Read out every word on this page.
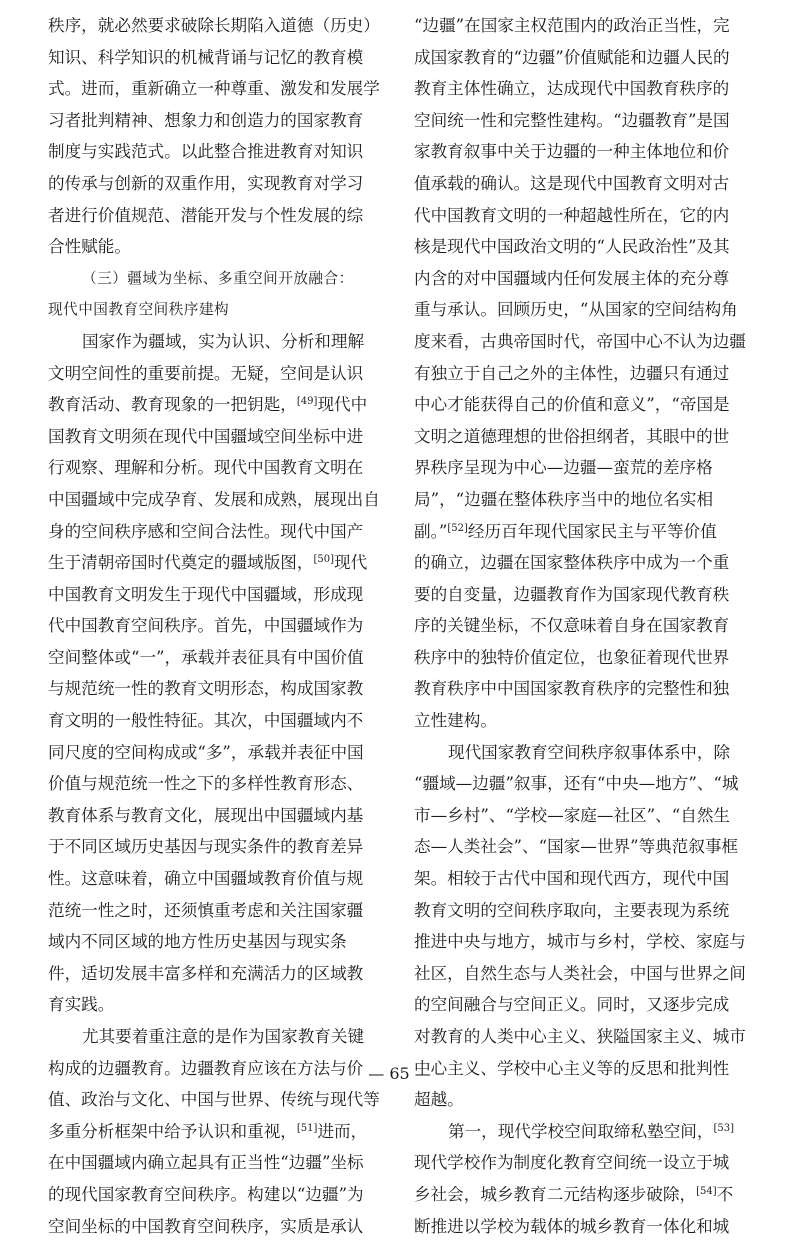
秩序，就必然要求破除长期陷入道德（历史）
知识、科学知识的机械背诵与记忆的教育模
式。进而，重新确立一种尊重、激发和发展学
习者批判精神、想象力和创造力的国家教育
制度与实践范式。以此整合推进教育对知识
的传承与创新的双重作用，实现教育对学习
者进行价值规范、潜能开发与个性发展的综
合性赋能。
（三）疆域为坐标、多重空间开放融合：
现代中国教育空间秩序建构
国家作为疆域，实为认识、分析和理解
文明空间性的重要前提。无疑，空间是认识
教育活动、教育现象的一把钥匙，[49]现代中
国教育文明须在现代中国疆域空间坐标中进
行观察、理解和分析。现代中国教育文明在
中国疆域中完成孕育、发展和成熟，展现出自
身的空间秩序感和空间合法性。现代中国产
生于清朝帝国时代奠定的疆域版图，[50]现代
中国教育文明发生于现代中国疆域，形成现
代中国教育空间秩序。首先，中国疆域作为
空间整体或“一”，承载并表征具有中国价值
与规范统一性的教育文明形态，构成国家教
育文明的一般性特征。其次，中国疆域内不
同尺度的空间构成或“多”，承载并表征中国
价值与规范统一性之下的多样性教育形态、
教育体系与教育文化，展现出中国疆域内基
于不同区域历史基因与现实条件的教育差异
性。这意味着，确立中国疆域教育价值与规
范统一性之时，还须慎重考虑和关注国家疆
域内不同区域的地方性历史基因与现实条
件，适切发展丰富多样和充满活力的区域教
育实践。
尤其要着重注意的是作为国家教育关键
构成的边疆教育。边疆教育应该在方法与价
值、政治与文化、中国与世界、传统与现代等
多重分析框架中给予认识和重视，[51]进而，
在中国疆域内确立起具有正当性“边疆”坐标
的现代国家教育空间秩序。构建以“边疆”为
空间坐标的中国教育空间秩序，实质是承认
“边疆”在国家主权范围内的政治正当性，完
成国家教育的“边疆”价值赋能和边疆人民的
教育主体性确立，达成现代中国教育秩序的
空间统一性和完整性建构。“边疆教育”是国
家教育叙事中关于边疆的一种主体地位和价
值承载的确认。这是现代中国教育文明对古
代中国教育文明的一种超越性所在，它的内
核是现代中国政治文明的“人民政治性”及其
内含的对中国疆域内任何发展主体的充分尊
重与承认。回顾历史，“从国家的空间结构角
度来看，古典帝国时代，帝国中心不认为边疆
有独立于自己之外的主体性，边疆只有通过
中心才能获得自己的价值和意义”，“帝国是
文明之道德理想的世俗担纲者，其眼中的世
界秩序呈现为中心—边疆—蛮荒的差序格
局”，“边疆在整体秩序当中的地位名实相
副。”[52]经历百年现代国家民主与平等价值
的确立，边疆在国家整体秩序中成为一个重
要的自变量，边疆教育作为国家现代教育秩
序的关键坐标，不仅意味着自身在国家教育
秩序中的独特价值定位，也象征着现代世界
教育秩序中中国国家教育秩序的完整性和独
立性建构。
现代国家教育空间秩序叙事体系中，除
“疆域—边疆”叙事，还有“中央—地方”、“城
市—乡村”、“学校—家庭—社区”、“自然生
态—人类社会”、“国家—世界”等典范叙事框
架。相较于古代中国和现代西方，现代中国
教育文明的空间秩序取向，主要表现为系统
推进中央与地方，城市与乡村，学校、家庭与
社区，自然生态与人类社会，中国与世界之间
的空间融合与空间正义。同时，又逐步完成
对教育的人类中心主义、狭隘国家主义、城市
中心主义、学校中心主义等的反思和批判性
超越。
第一，现代学校空间取缔私塾空间，[53]
现代学校作为制度化教育空间统一设立于城
乡社会，城乡教育二元结构逐步破除，[54]不
断推进以学校为载体的城乡教育一体化和城
— 65 —
